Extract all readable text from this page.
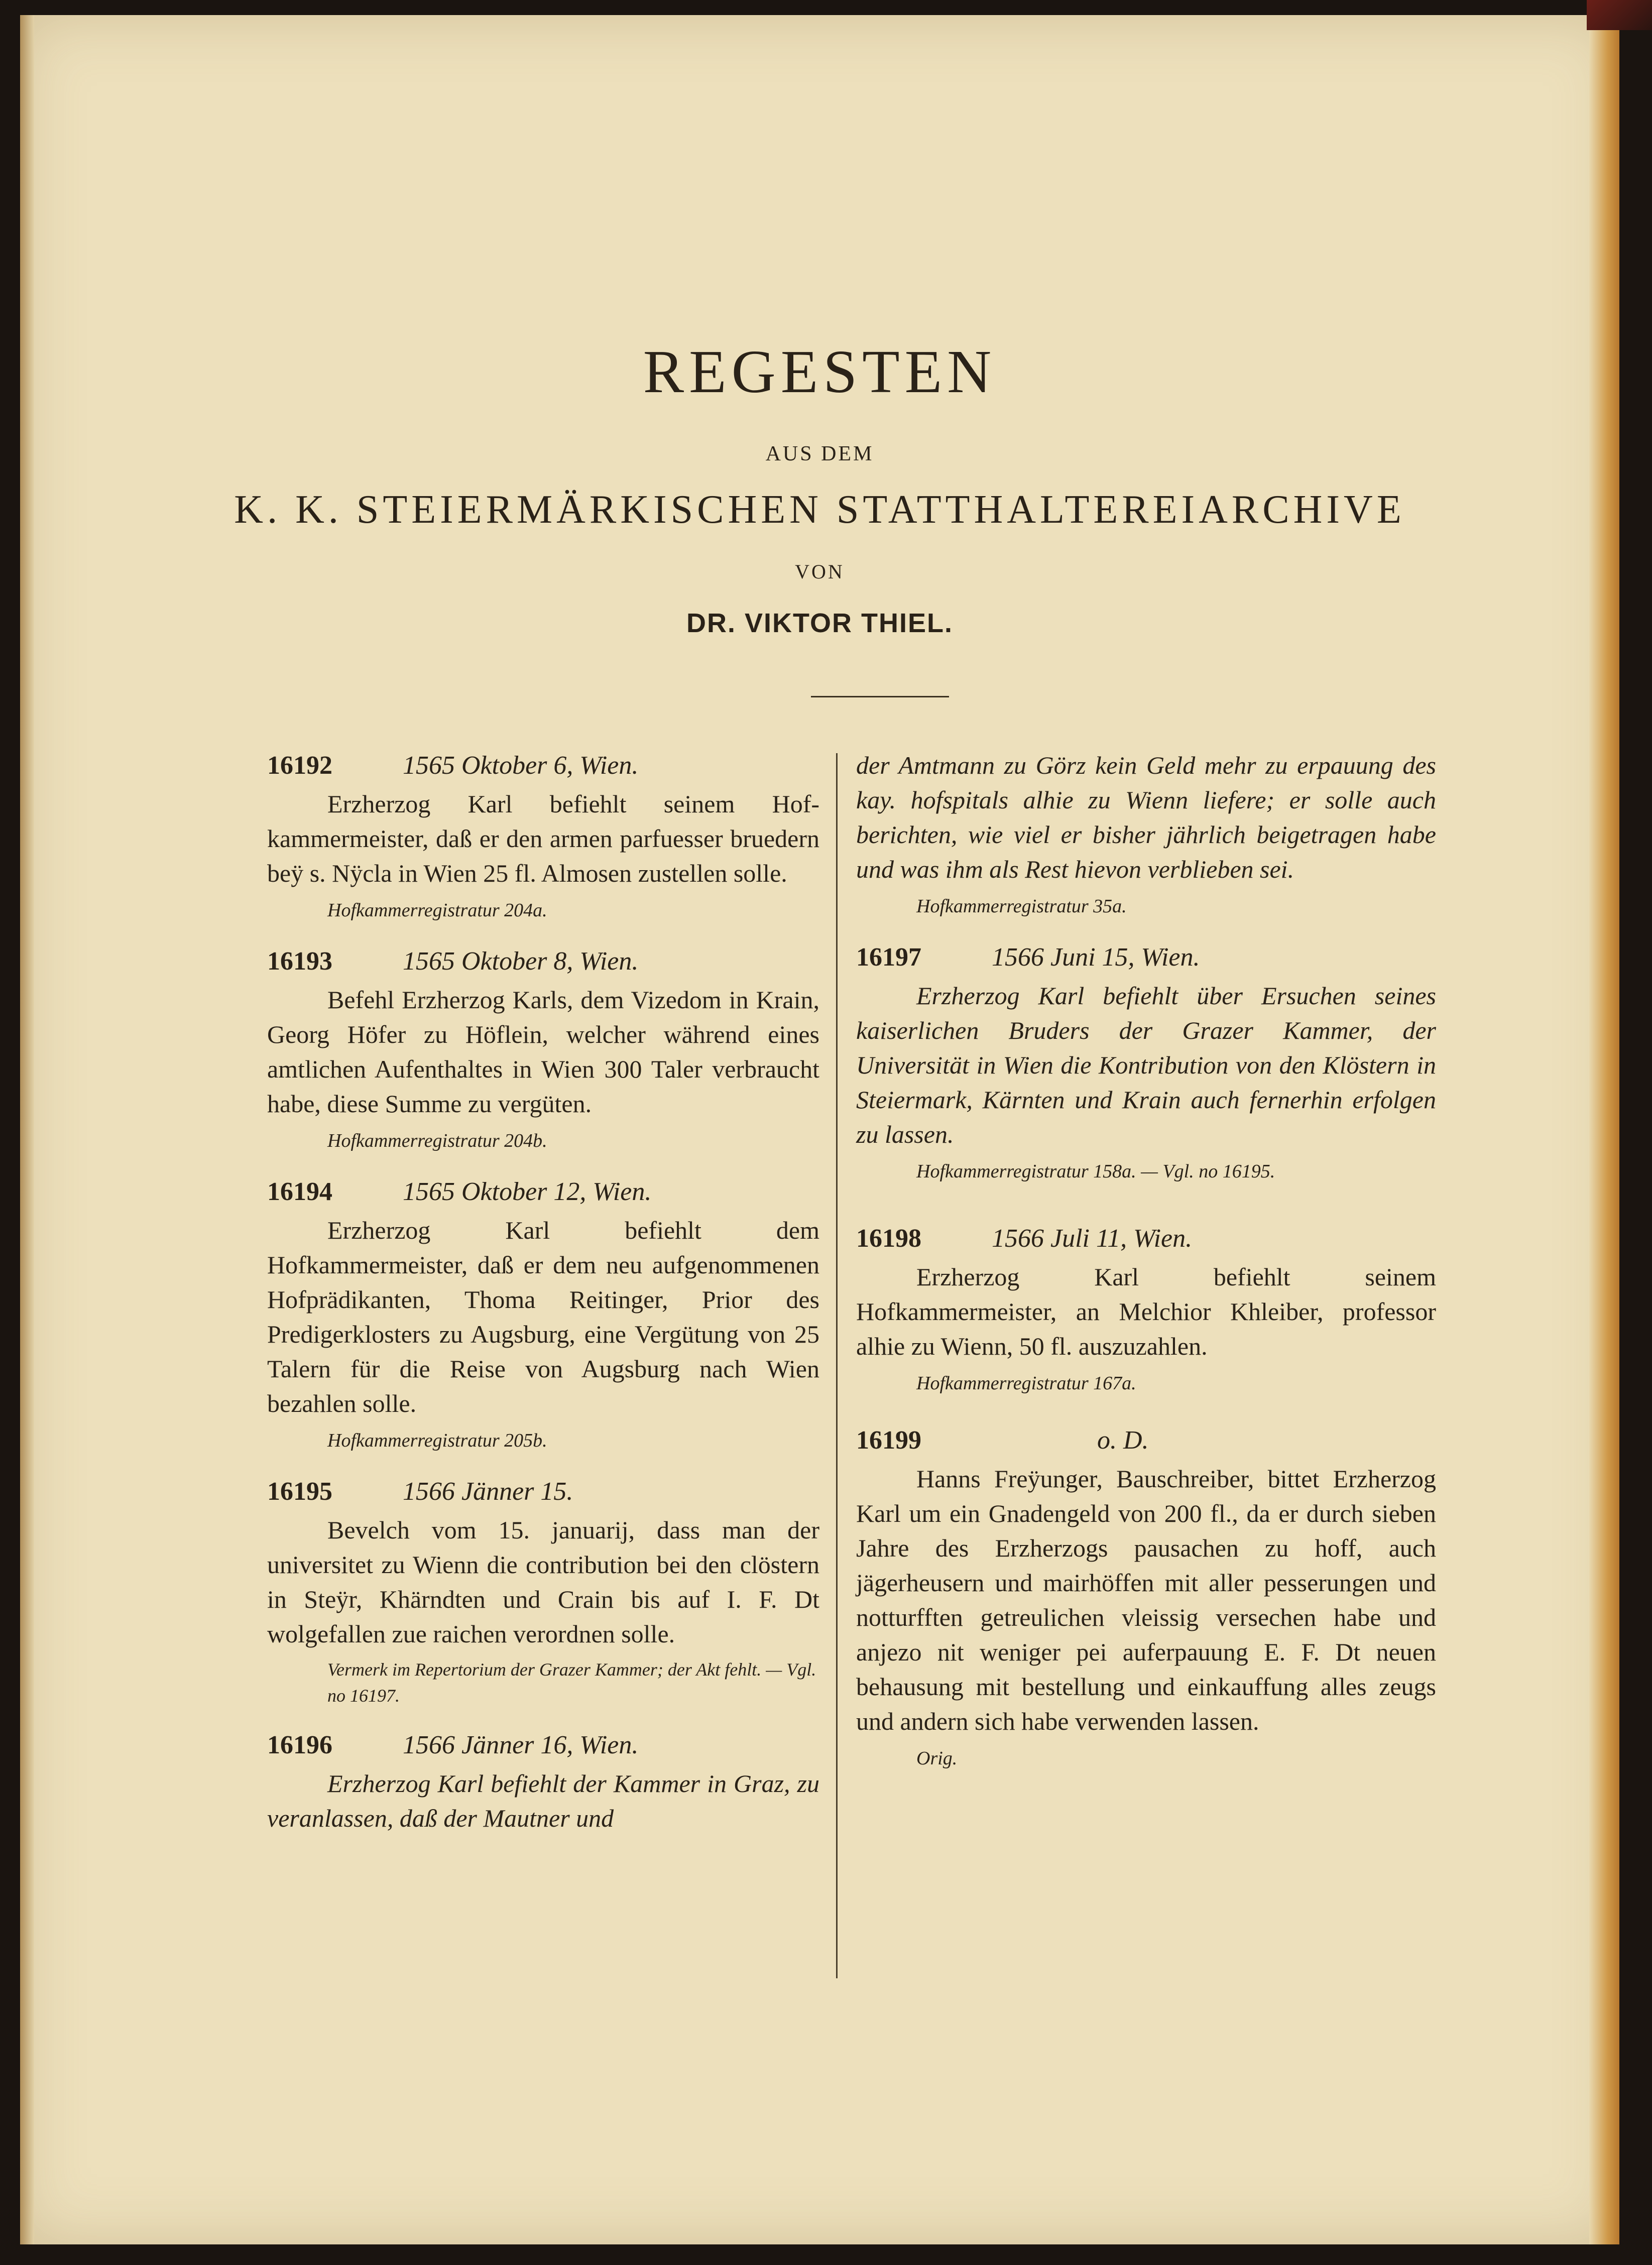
REGESTEN
AUS DEM
K. K. STEIERMÄRKISCHEN STATTHALTEREIARCHIVE
VON
DR. VIKTOR THIEL.
16192	1565 Oktober 6, Wien.

Erzherzog Karl befiehlt seinem Hof-kammermeister, daß er den armen parfuesser bruedern beÿ s. Nÿcla in Wien 25 fl. Almosen zustellen solle.

Hofkammerregistratur 204a.
16193	1565 Oktober 8, Wien.

Befehl Erzherzog Karls, dem Vizedom in Krain, Georg Höfer zu Höflein, welcher während eines amtlichen Aufenthaltes in Wien 300 Taler verbraucht habe, diese Summe zu vergüten.

Hofkammerregistratur 204b.
16194	1565 Oktober 12, Wien.

Erzherzog Karl befiehlt dem Hofkammermeister, daß er dem neu aufgenommenen Hofprädikanten, Thoma Reitinger, Prior des Predigerklosters zu Augsburg, eine Vergütung von 25 Talern für die Reise von Augsburg nach Wien bezahlen solle.

Hofkammerregistratur 205b.
16195	1566 Jänner 15.

Bevelch vom 15. januarij, dass man der universitet zu Wienn die contribution bei den clöstern in Steÿr, Khärndten und Crain bis auf I. F. Dt wolgefallen zue raichen verordnen solle.

Vermerk im Repertorium der Grazer Kammer; der Akt fehlt. — Vgl. no 16197.
16196	1566 Jänner 16, Wien.

Erzherzog Karl befiehlt der Kammer in Graz, zu veranlassen, daß der Mautner und

der Amtmann zu Görz kein Geld mehr zu erpauung des kay. hofspitals alhie zu Wienn liefere; er solle auch berichten, wie viel er bisher jährlich beigetragen habe und was ihm als Rest hievon verblieben sei.

Hofkammerregistratur 35a.
16197	1566 Juni 15, Wien.

Erzherzog Karl befiehlt über Ersuchen seines kaiserlichen Bruders der Grazer Kammer, der Universität in Wien die Kontribution von den Klöstern in Steiermark, Kärnten und Krain auch fernerhin erfolgen zu lassen.

Hofkammerregistratur 158a. — Vgl. no 16195.
16198	1566 Juli 11, Wien.

Erzherzog Karl befiehlt seinem Hofkammermeister, an Melchior Khleiber, professor alhie zu Wienn, 50 fl. auszuzahlen.

Hofkammerregistratur 167a.
16199	o. D.

Hanns Freÿunger, Bauschreiber, bittet Erzherzog Karl um ein Gnadengeld von 200 fl., da er durch sieben Jahre des Erzherzogs pausachen zu hoff, auch jägerheusern und mairhöffen mit aller pesserungen und notturfften getreulichen vleissig versechen habe und anjezo nit weniger pei auferpauung E. F. Dt neuen behausung mit bestellung und einkauffung alles zeugs und andern sich habe verwenden lassen.

Orig.
